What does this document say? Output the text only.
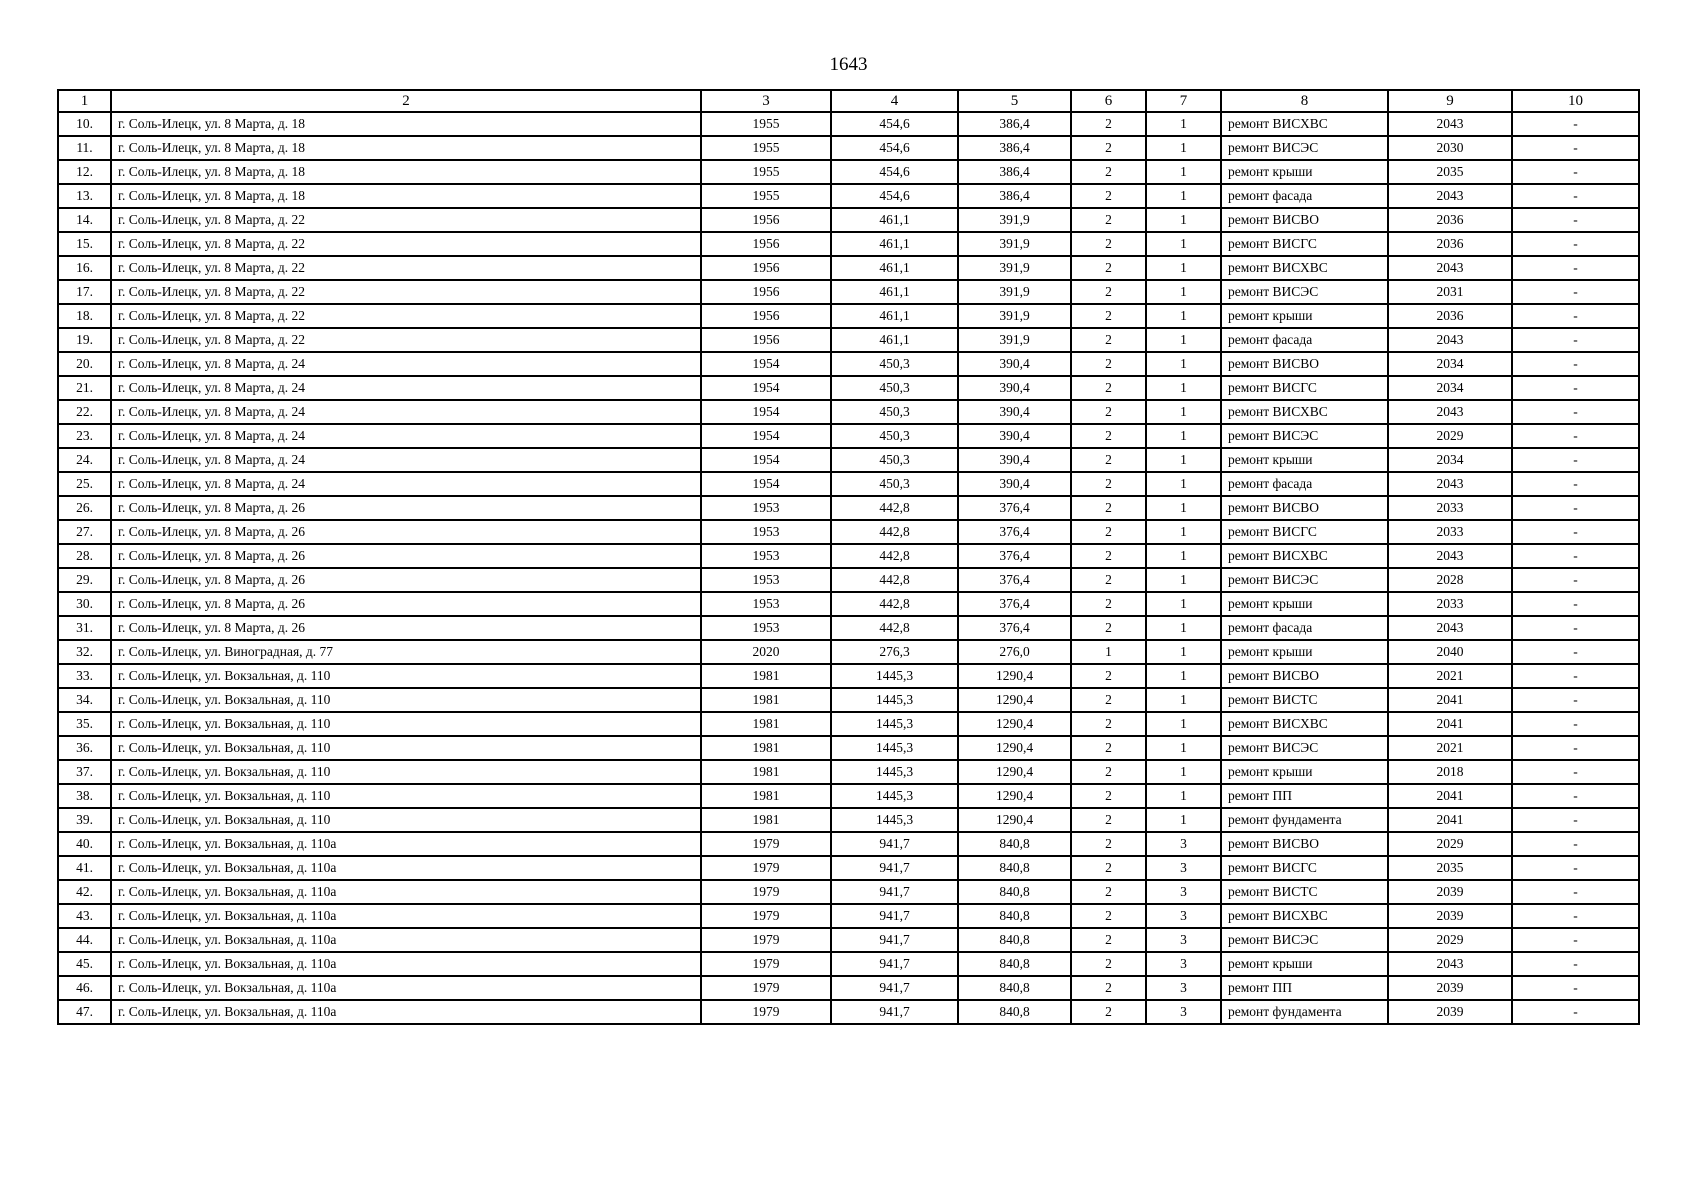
1643
1	2	3	4	5	6	7	8	9	10
10.	г. Соль-Илецк, ул. 8 Марта, д. 18	1955	454,6	386,4	2	1	ремонт ВИСХВС	2043	-
11.	г. Соль-Илецк, ул. 8 Марта, д. 18	1955	454,6	386,4	2	1	ремонт ВИСЭС	2030	-
12.	г. Соль-Илецк, ул. 8 Марта, д. 18	1955	454,6	386,4	2	1	ремонт крыши	2035	-
13.	г. Соль-Илецк, ул. 8 Марта, д. 18	1955	454,6	386,4	2	1	ремонт фасада	2043	-
14.	г. Соль-Илецк, ул. 8 Марта, д. 22	1956	461,1	391,9	2	1	ремонт ВИСВО	2036	-
15.	г. Соль-Илецк, ул. 8 Марта, д. 22	1956	461,1	391,9	2	1	ремонт ВИСГС	2036	-
16.	г. Соль-Илецк, ул. 8 Марта, д. 22	1956	461,1	391,9	2	1	ремонт ВИСХВС	2043	-
17.	г. Соль-Илецк, ул. 8 Марта, д. 22	1956	461,1	391,9	2	1	ремонт ВИСЭС	2031	-
18.	г. Соль-Илецк, ул. 8 Марта, д. 22	1956	461,1	391,9	2	1	ремонт крыши	2036	-
19.	г. Соль-Илецк, ул. 8 Марта, д. 22	1956	461,1	391,9	2	1	ремонт фасада	2043	-
20.	г. Соль-Илецк, ул. 8 Марта, д. 24	1954	450,3	390,4	2	1	ремонт ВИСВО	2034	-
21.	г. Соль-Илецк, ул. 8 Марта, д. 24	1954	450,3	390,4	2	1	ремонт ВИСГС	2034	-
22.	г. Соль-Илецк, ул. 8 Марта, д. 24	1954	450,3	390,4	2	1	ремонт ВИСХВС	2043	-
23.	г. Соль-Илецк, ул. 8 Марта, д. 24	1954	450,3	390,4	2	1	ремонт ВИСЭС	2029	-
24.	г. Соль-Илецк, ул. 8 Марта, д. 24	1954	450,3	390,4	2	1	ремонт крыши	2034	-
25.	г. Соль-Илецк, ул. 8 Марта, д. 24	1954	450,3	390,4	2	1	ремонт фасада	2043	-
26.	г. Соль-Илецк, ул. 8 Марта, д. 26	1953	442,8	376,4	2	1	ремонт ВИСВО	2033	-
27.	г. Соль-Илецк, ул. 8 Марта, д. 26	1953	442,8	376,4	2	1	ремонт ВИСГС	2033	-
28.	г. Соль-Илецк, ул. 8 Марта, д. 26	1953	442,8	376,4	2	1	ремонт ВИСХВС	2043	-
29.	г. Соль-Илецк, ул. 8 Марта, д. 26	1953	442,8	376,4	2	1	ремонт ВИСЭС	2028	-
30.	г. Соль-Илецк, ул. 8 Марта, д. 26	1953	442,8	376,4	2	1	ремонт крыши	2033	-
31.	г. Соль-Илецк, ул. 8 Марта, д. 26	1953	442,8	376,4	2	1	ремонт фасада	2043	-
32.	г. Соль-Илецк, ул. Виноградная, д. 77	2020	276,3	276,0	1	1	ремонт крыши	2040	-
33.	г. Соль-Илецк, ул. Вокзальная, д. 110	1981	1445,3	1290,4	2	1	ремонт ВИСВО	2021	-
34.	г. Соль-Илецк, ул. Вокзальная, д. 110	1981	1445,3	1290,4	2	1	ремонт ВИСТС	2041	-
35.	г. Соль-Илецк, ул. Вокзальная, д. 110	1981	1445,3	1290,4	2	1	ремонт ВИСХВС	2041	-
36.	г. Соль-Илецк, ул. Вокзальная, д. 110	1981	1445,3	1290,4	2	1	ремонт ВИСЭС	2021	-
37.	г. Соль-Илецк, ул. Вокзальная, д. 110	1981	1445,3	1290,4	2	1	ремонт крыши	2018	-
38.	г. Соль-Илецк, ул. Вокзальная, д. 110	1981	1445,3	1290,4	2	1	ремонт ПП	2041	-
39.	г. Соль-Илецк, ул. Вокзальная, д. 110	1981	1445,3	1290,4	2	1	ремонт фундамента	2041	-
40.	г. Соль-Илецк, ул. Вокзальная, д. 110а	1979	941,7	840,8	2	3	ремонт ВИСВО	2029	-
41.	г. Соль-Илецк, ул. Вокзальная, д. 110а	1979	941,7	840,8	2	3	ремонт ВИСГС	2035	-
42.	г. Соль-Илецк, ул. Вокзальная, д. 110а	1979	941,7	840,8	2	3	ремонт ВИСТС	2039	-
43.	г. Соль-Илецк, ул. Вокзальная, д. 110а	1979	941,7	840,8	2	3	ремонт ВИСХВС	2039	-
44.	г. Соль-Илецк, ул. Вокзальная, д. 110а	1979	941,7	840,8	2	3	ремонт ВИСЭС	2029	-
45.	г. Соль-Илецк, ул. Вокзальная, д. 110а	1979	941,7	840,8	2	3	ремонт крыши	2043	-
46.	г. Соль-Илецк, ул. Вокзальная, д. 110а	1979	941,7	840,8	2	3	ремонт ПП	2039	-
47.	г. Соль-Илецк, ул. Вокзальная, д. 110а	1979	941,7	840,8	2	3	ремонт фундамента	2039	-
